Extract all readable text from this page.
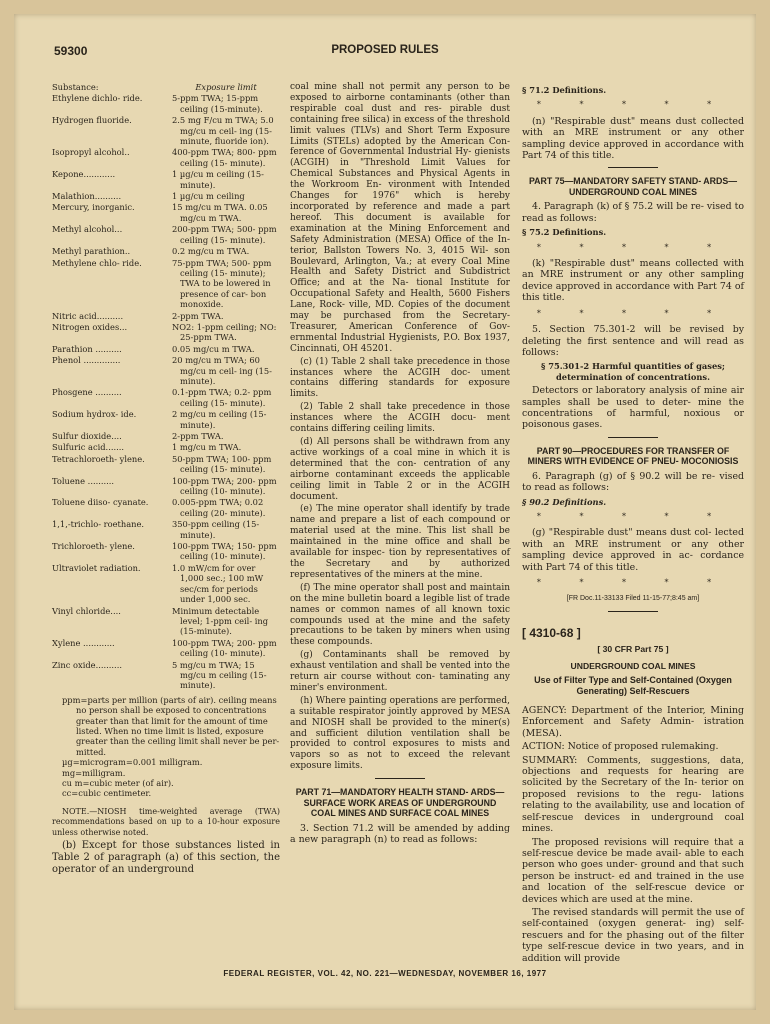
59300	PROPOSED RULES
Substance:	Exposure limit
Ethylene dichlo- ride.	5-ppm TWA; 15-ppm ceiling (15-minute).
Hydrogen fluoride.	2.5 mg F/cu m TWA; 5.0 mg/cu m ceil- ing (15-minute, fluoride ion).
Isopropyl alcohol..	400-ppm TWA; 800- ppm ceiling (15- minute).
Kepone............	1 µg/cu m ceiling (15-minute).
Malathion..........	1 µg/cu m ceiling
Mercury, inorganic.	15 mg/cu m TWA. 0.05 mg/cu m TWA.
Methyl alcohol...	200-ppm TWA; 500- ppm ceiling (15- minute).
Methyl parathion..	0.2 mg/cu m TWA.
Methylene chlo- ride.	75-ppm TWA; 500- ppm ceiling (15- minute); TWA to be lowered in presence of car- bon monoxide.
Nitric acid..........	2-ppm TWA.
Nitrogen oxides...	NO2: 1-ppm ceiling; NO: 25-ppm TWA.
Parathion ..........	0.05 mg/cu m TWA.
Phenol ..............	20 mg/cu m TWA; 60 mg/cu m ceil- ing (15-minute).
Phosgene ..........	0.1-ppm TWA; 0.2- ppm ceiling (15- minute).
Sodium hydrox- ide.	2 mg/cu m ceiling (15-minute).
Sulfur dioxide....	2-ppm TWA.
Sulfuric acid.......	1 mg/cu m TWA.
Tetrachloroeth- ylene.	50-ppm TWA; 100- ppm ceiling (15- minute).
Toluene ..........	100-ppm TWA; 200- ppm ceiling (10- minute).
Toluene diiso- cyanate.	0.005-ppm TWA; 0.02 ceiling (20- minute).
1,1,-trichlo- roethane.	350-ppm ceiling (15- minute).
Trichloroeth- ylene.	100-ppm TWA; 150- ppm ceiling (10- minute).
Ultraviolet radiation.	1.0 mW/cm for over 1,000 sec.; 100 mW sec/cm for periods under 1,000 sec.
Vinyl chloride....	Minimum detectable level; 1-ppm ceil- ing (15-minute).
Xylene ............	100-ppm TWA; 200- ppm ceiling (10- minute).
Zinc oxide..........	5 mg/cu m TWA; 15 mg/cu m ceiling (15-minute).
ppm=parts per million (parts of air). ceiling means no person shall be exposed to concentrations greater than that limit for the amount of time listed. When no time limit is listed, exposure greater than the ceiling limit shall never be per- mitted.
µg=microgram=0.001 milligram.
mg=milligram.
cu m=cubic meter (of air).
cc=cubic centimeter.

NOTE.—NIOSH time-weighted average (TWA) recommendations based on up to a 10-hour exposure unless otherwise noted.

(b) Except for those substances listed in Table 2 of paragraph (a) of this section, the operator of an underground

coal mine shall not permit any person to be exposed to airborne contaminants (other than respirable coal dust and res- pirable dust containing free silica) in excess of the threshold limit values (TLVs) and Short Term Exposure Limits (STELs) adopted by the American Con- ference of Governmental Industrial Hy- gienists (ACGIH) in "Threshold Limit Values for Chemical Substances and Physical Agents in the Workroom En- vironment with Intended Changes for 1976" which is hereby incorporated by reference and made a part hereof. This document is available for examination at the Mining Enforcement and Safety Administration (MESA) Office of the In- terior, Ballston Towers No. 3, 4015 Wil- son Boulevard, Arlington, Va.; at every Coal Mine Health and Safety District and Subdistrict Office; and at the Na- tional Institute for Occupational Safety and Health, 5600 Fishers Lane, Rock- ville, MD. Copies of the document may be purchased from the Secretary- Treasurer, American Conference of Gov- ernmental Industrial Hygienists, P.O. Box 1937, Cincinnati, OH 45201.

(c) (1) Table 2 shall take precedence in those instances where the ACGIH doc- ument contains differing standards for exposure limits.

(2) Table 2 shall take precedence in those instances where the ACGIH docu- ment contains differing ceiling limits.

(d) All persons shall be withdrawn from any active workings of a coal mine in which it is determined that the con- centration of any airborne contaminant exceeds the applicable ceiling limit in Table 2 or in the ACGIH document.

(e) The mine operator shall identify by trade name and prepare a list of each compound or material used at the mine. This list shall be maintained in the mine office and shall be available for inspec- tion by representatives of the Secretary and by authorized representatives of the miners at the mine.

(f) The mine operator shall post and maintain on the mine bulletin board a legible list of trade names or common names of all known toxic compounds used at the mine and the safety precautions to be taken by miners when using these compounds.

(g) Contaminants shall be removed by exhaust ventilation and shall be vented into the return air course without con- taminating any miner's environment.

(h) Where painting operations are performed, a suitable respirator jointly approved by MESA and NIOSH shall be provided to the miner(s) and sufficient dilution ventilation shall be provided to control exposures to mists and vapors so as not to exceed the relevant exposure limits.

PART 71—MANDATORY HEALTH STAND- ARDS—SURFACE WORK AREAS OF UNDERGROUND COAL MINES AND SURFACE COAL MINES

3. Section 71.2 will be amended by adding a new paragraph (n) to read as follows:

§ 71.2 Definitions.
* * * * *

(n) "Respirable dust" means dust collected with an MRE instrument or any other sampling device approved in accordance with Part 74 of this title.

PART 75—MANDATORY SAFETY STAND- ARDS—UNDERGROUND COAL MINES

4. Paragraph (k) of § 75.2 will be re- vised to read as follows:

§ 75.2 Definitions.
* * * * *

(k) "Respirable dust" means collected with an MRE instrument or any other sampling device approved in accordance with Part 74 of this title.

* * * * *

5. Section 75.301-2 will be revised by deleting the first sentence and will read as follows:

§ 75.301-2 Harmful quantities of gases; determination of concentrations.

Detectors or laboratory analysis of mine air samples shall be used to deter- mine the concentrations of harmful, noxious or poisonous gases.

PART 90—PROCEDURES FOR TRANSFER OF MINERS WITH EVIDENCE OF PNEU- MOCONIOSIS

6. Paragraph (g) of § 90.2 will be re- vised to read as follows:

§ 90.2 Definitions.
* * * * *

(g) "Respirable dust" means dust col- lected with an MRE instrument or any other sampling device approved in ac- cordance with Part 74 of this title.

* * * * *
[FR Doc.11-33133 Filed 11-15-77;8:45 am]
[ 4310-68 ]
[ 30 CFR Part 75 ]
UNDERGROUND COAL MINES
Use of Filter Type and Self-Contained (Oxygen Generating) Self-Rescuers

AGENCY: Department of the Interior, Mining Enforcement and Safety Admin- istration (MESA).

ACTION: Notice of proposed rulemaking.

SUMMARY: Comments, suggestions, data, objections and requests for hearing are solicited by the Secretary of the In- terior on proposed revisions to the regu- lations relating to the availability, use and location of self-rescue devices in underground coal mines.

The proposed revisions will require that a self-rescue device be made avail- able to each person who goes under- ground and that such person be instruct- ed and trained in the use and location of the self-rescue device or devices which are used at the mine.

The revised standards will permit the use of self-contained (oxygen generat- ing) self-rescuers and for the phasing out of the filter type self-rescue device in two years, and in addition will provide

FEDERAL REGISTER, VOL. 42, NO. 221—WEDNESDAY, NOVEMBER 16, 1977
